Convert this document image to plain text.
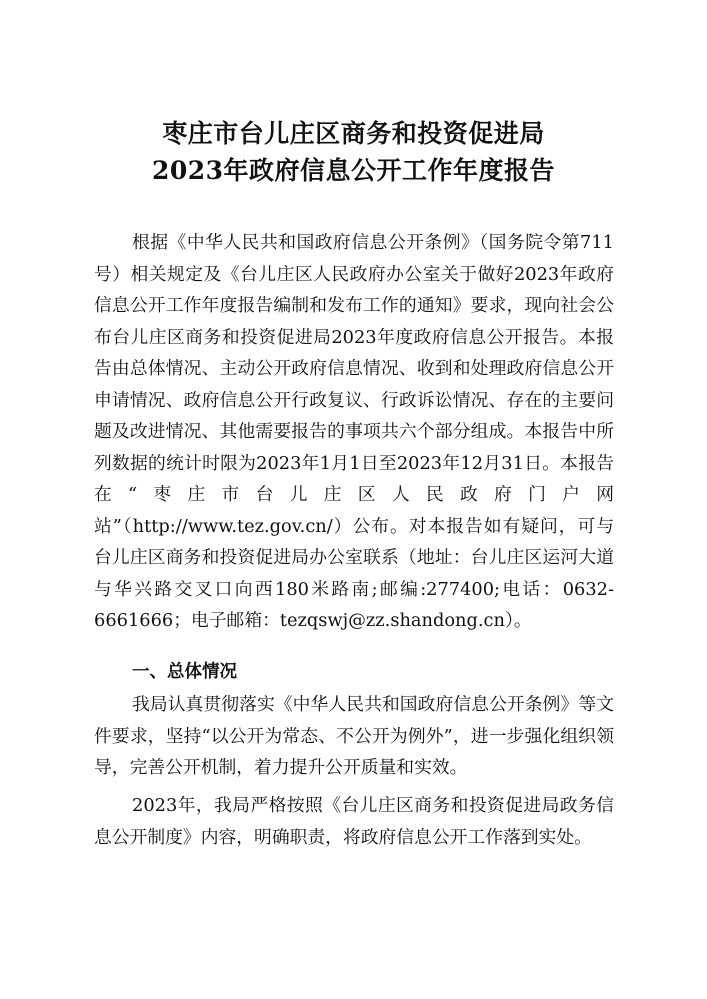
枣庄市台儿庄区商务和投资促进局
2023年政府信息公开工作年度报告

根据《中华人民共和国政府信息公开条例》（国务院令第711号）相关规定及《台儿庄区人民政府办公室关于做好2023年政府信息公开工作年度报告编制和发布工作的通知》要求，现向社会公布台儿庄区商务和投资促进局2023年度政府信息公开报告。本报告由总体情况、主动公开政府信息情况、收到和处理政府信息公开申请情况、政府信息公开行政复议、行政诉讼情况、存在的主要问题及改进情况、其他需要报告的事项共六个部分组成。本报告中所列数据的统计时限为2023年1月1日至2023年12月31日。本报告在“枣庄市台儿庄区人民政府门户网站”（http://www.tez.gov.cn/）公布。对本报告如有疑问，可与台儿庄区商务和投资促进局办公室联系（地址：台儿庄区运河大道与华兴路交叉口向西180米路南;邮编:277400;电话：0632-6661666；电子邮箱：tezqswj@zz.shandong.cn）。

一、总体情况

我局认真贯彻落实《中华人民共和国政府信息公开条例》等文件要求，坚持“以公开为常态、不公开为例外”，进一步强化组织领导，完善公开机制，着力提升公开质量和实效。

2023年，我局严格按照《台儿庄区商务和投资促进局政务信息公开制度》内容，明确职责，将政府信息公开工作落到实处。
